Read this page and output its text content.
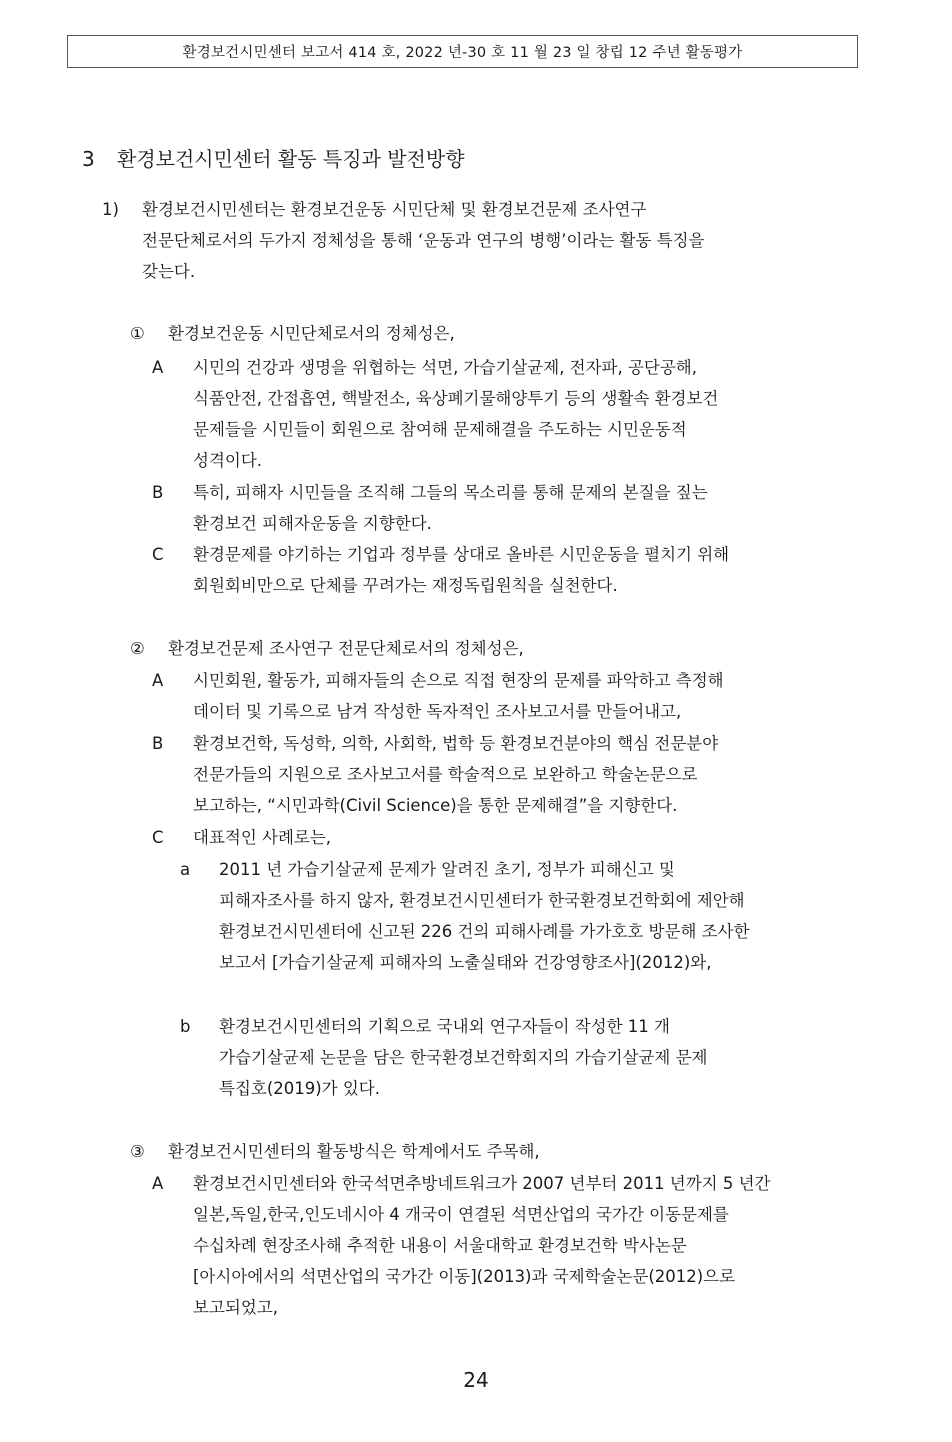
환경보건시민센터 보고서 414 호, 2022 년-30 호 11 월 23 일 창립 12 주년 활동평가
3 환경보건시민센터 활동 특징과 발전방향
1) 환경보건시민센터는 환경보건운동 시민단체 및 환경보건문제 조사연구
전문단체로서의 두가지 정체성을 통해 ‘운동과 연구의 병행’이라는 활동 특징을
갖는다.
① 환경보건운동 시민단체로서의 정체성은,
A 시민의 건강과 생명을 위협하는 석면, 가습기살균제, 전자파, 공단공해,
식품안전, 간접흡연, 핵발전소, 육상폐기물해양투기 등의 생활속 환경보건
문제들을 시민들이 회원으로 참여해 문제해결을 주도하는 시민운동적
성격이다.
B 특히, 피해자 시민들을 조직해 그들의 목소리를 통해 문제의 본질을 짚는
환경보건 피해자운동을 지향한다.
C 환경문제를 야기하는 기업과 정부를 상대로 올바른 시민운동을 펼치기 위해
회원회비만으로 단체를 꾸려가는 재정독립원칙을 실천한다.
② 환경보건문제 조사연구 전문단체로서의 정체성은,
A 시민회원, 활동가, 피해자들의 손으로 직접 현장의 문제를 파악하고 측정해
데이터 및 기록으로 남겨 작성한 독자적인 조사보고서를 만들어내고,
B 환경보건학, 독성학, 의학, 사회학, 법학 등 환경보건분야의 핵심 전문분야
전문가들의 지원으로 조사보고서를 학술적으로 보완하고 학술논문으로
보고하는, “시민과학(Civil Science)을 통한 문제해결”을 지향한다.
C 대표적인 사례로는,
a 2011 년 가습기살균제 문제가 알려진 초기, 정부가 피해신고 및
피해자조사를 하지 않자, 환경보건시민센터가 한국환경보건학회에 제안해
환경보건시민센터에 신고된 226 건의 피해사례를 가가호호 방문해 조사한
보고서 [가습기살균제 피해자의 노출실태와 건강영향조사](2012)와,
b 환경보건시민센터의 기획으로 국내외 연구자들이 작성한 11 개
가습기살균제 논문을 담은 한국환경보건학회지의 가습기살균제 문제
특집호(2019)가 있다.
③ 환경보건시민센터의 활동방식은 학계에서도 주목해,
A 환경보건시민센터와 한국석면추방네트워크가 2007 년부터 2011 년까지 5 년간
일본,독일,한국,인도네시아 4 개국이 연결된 석면산업의 국가간 이동문제를
수십차례 현장조사해 추적한 내용이 서울대학교 환경보건학 박사논문
[아시아에서의 석면산업의 국가간 이동](2013)과 국제학술논문(2012)으로
보고되었고,
24
